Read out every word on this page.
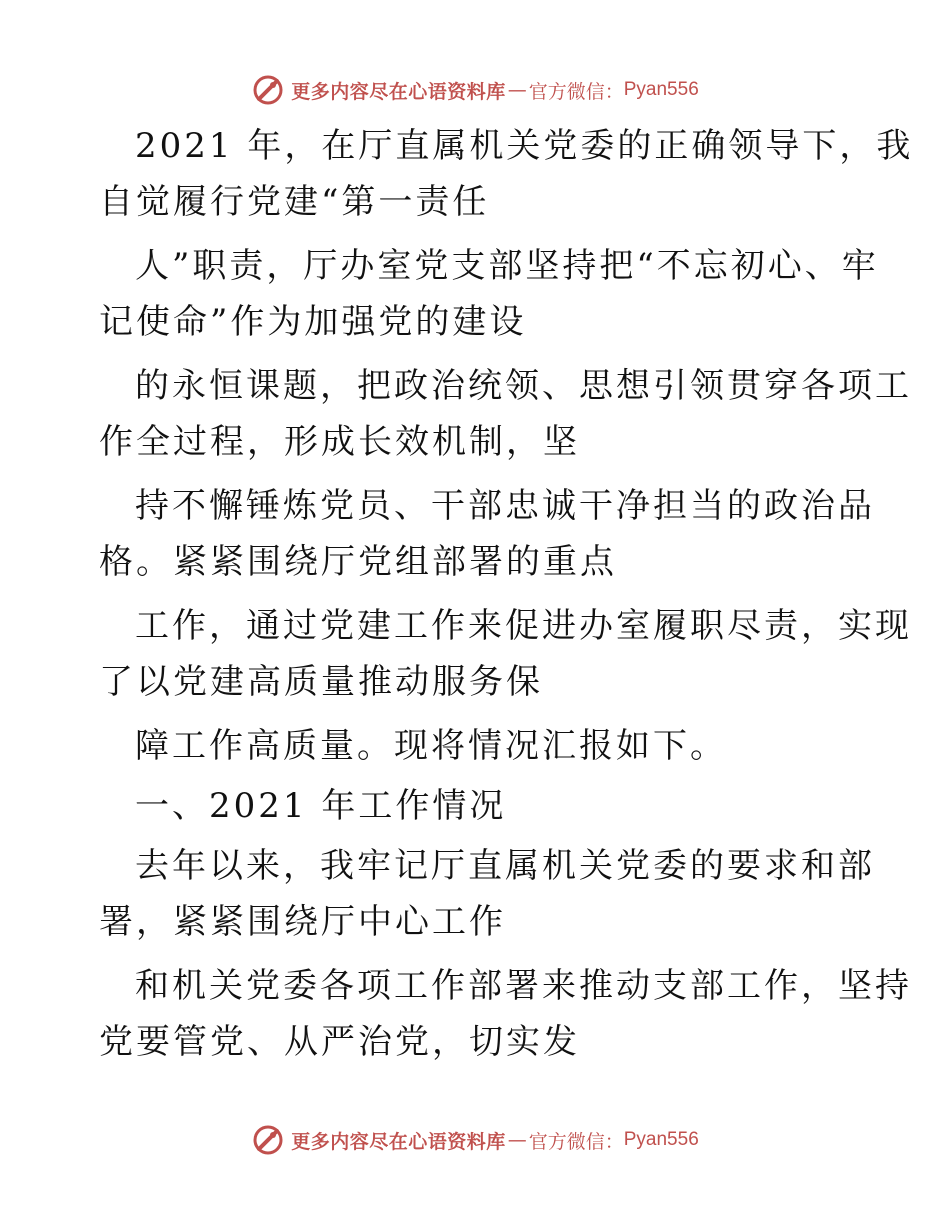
更多内容尽在心语资料库 — 官方微信： Pyan556
2021 年，在厅直属机关党委的正确领导下，我
自觉履行党建“第一责任
人”职责，厅办室党支部坚持把“不忘初心、牢
记使命”作为加强党的建设
的永恒课题，把政治统领、思想引领贯穿各项工
作全过程，形成长效机制，坚
持不懈锤炼党员、干部忠诚干净担当的政治品
格。紧紧围绕厅党组部署的重点
工作，通过党建工作来促进办室履职尽责，实现
了以党建高质量推动服务保
障工作高质量。现将情况汇报如下。
一、2021 年工作情况
去年以来，我牢记厅直属机关党委的要求和部
署，紧紧围绕厅中心工作
和机关党委各项工作部署来推动支部工作，坚持
党要管党、从严治党，切实发
更多内容尽在心语资料库 — 官方微信： Pyan556
